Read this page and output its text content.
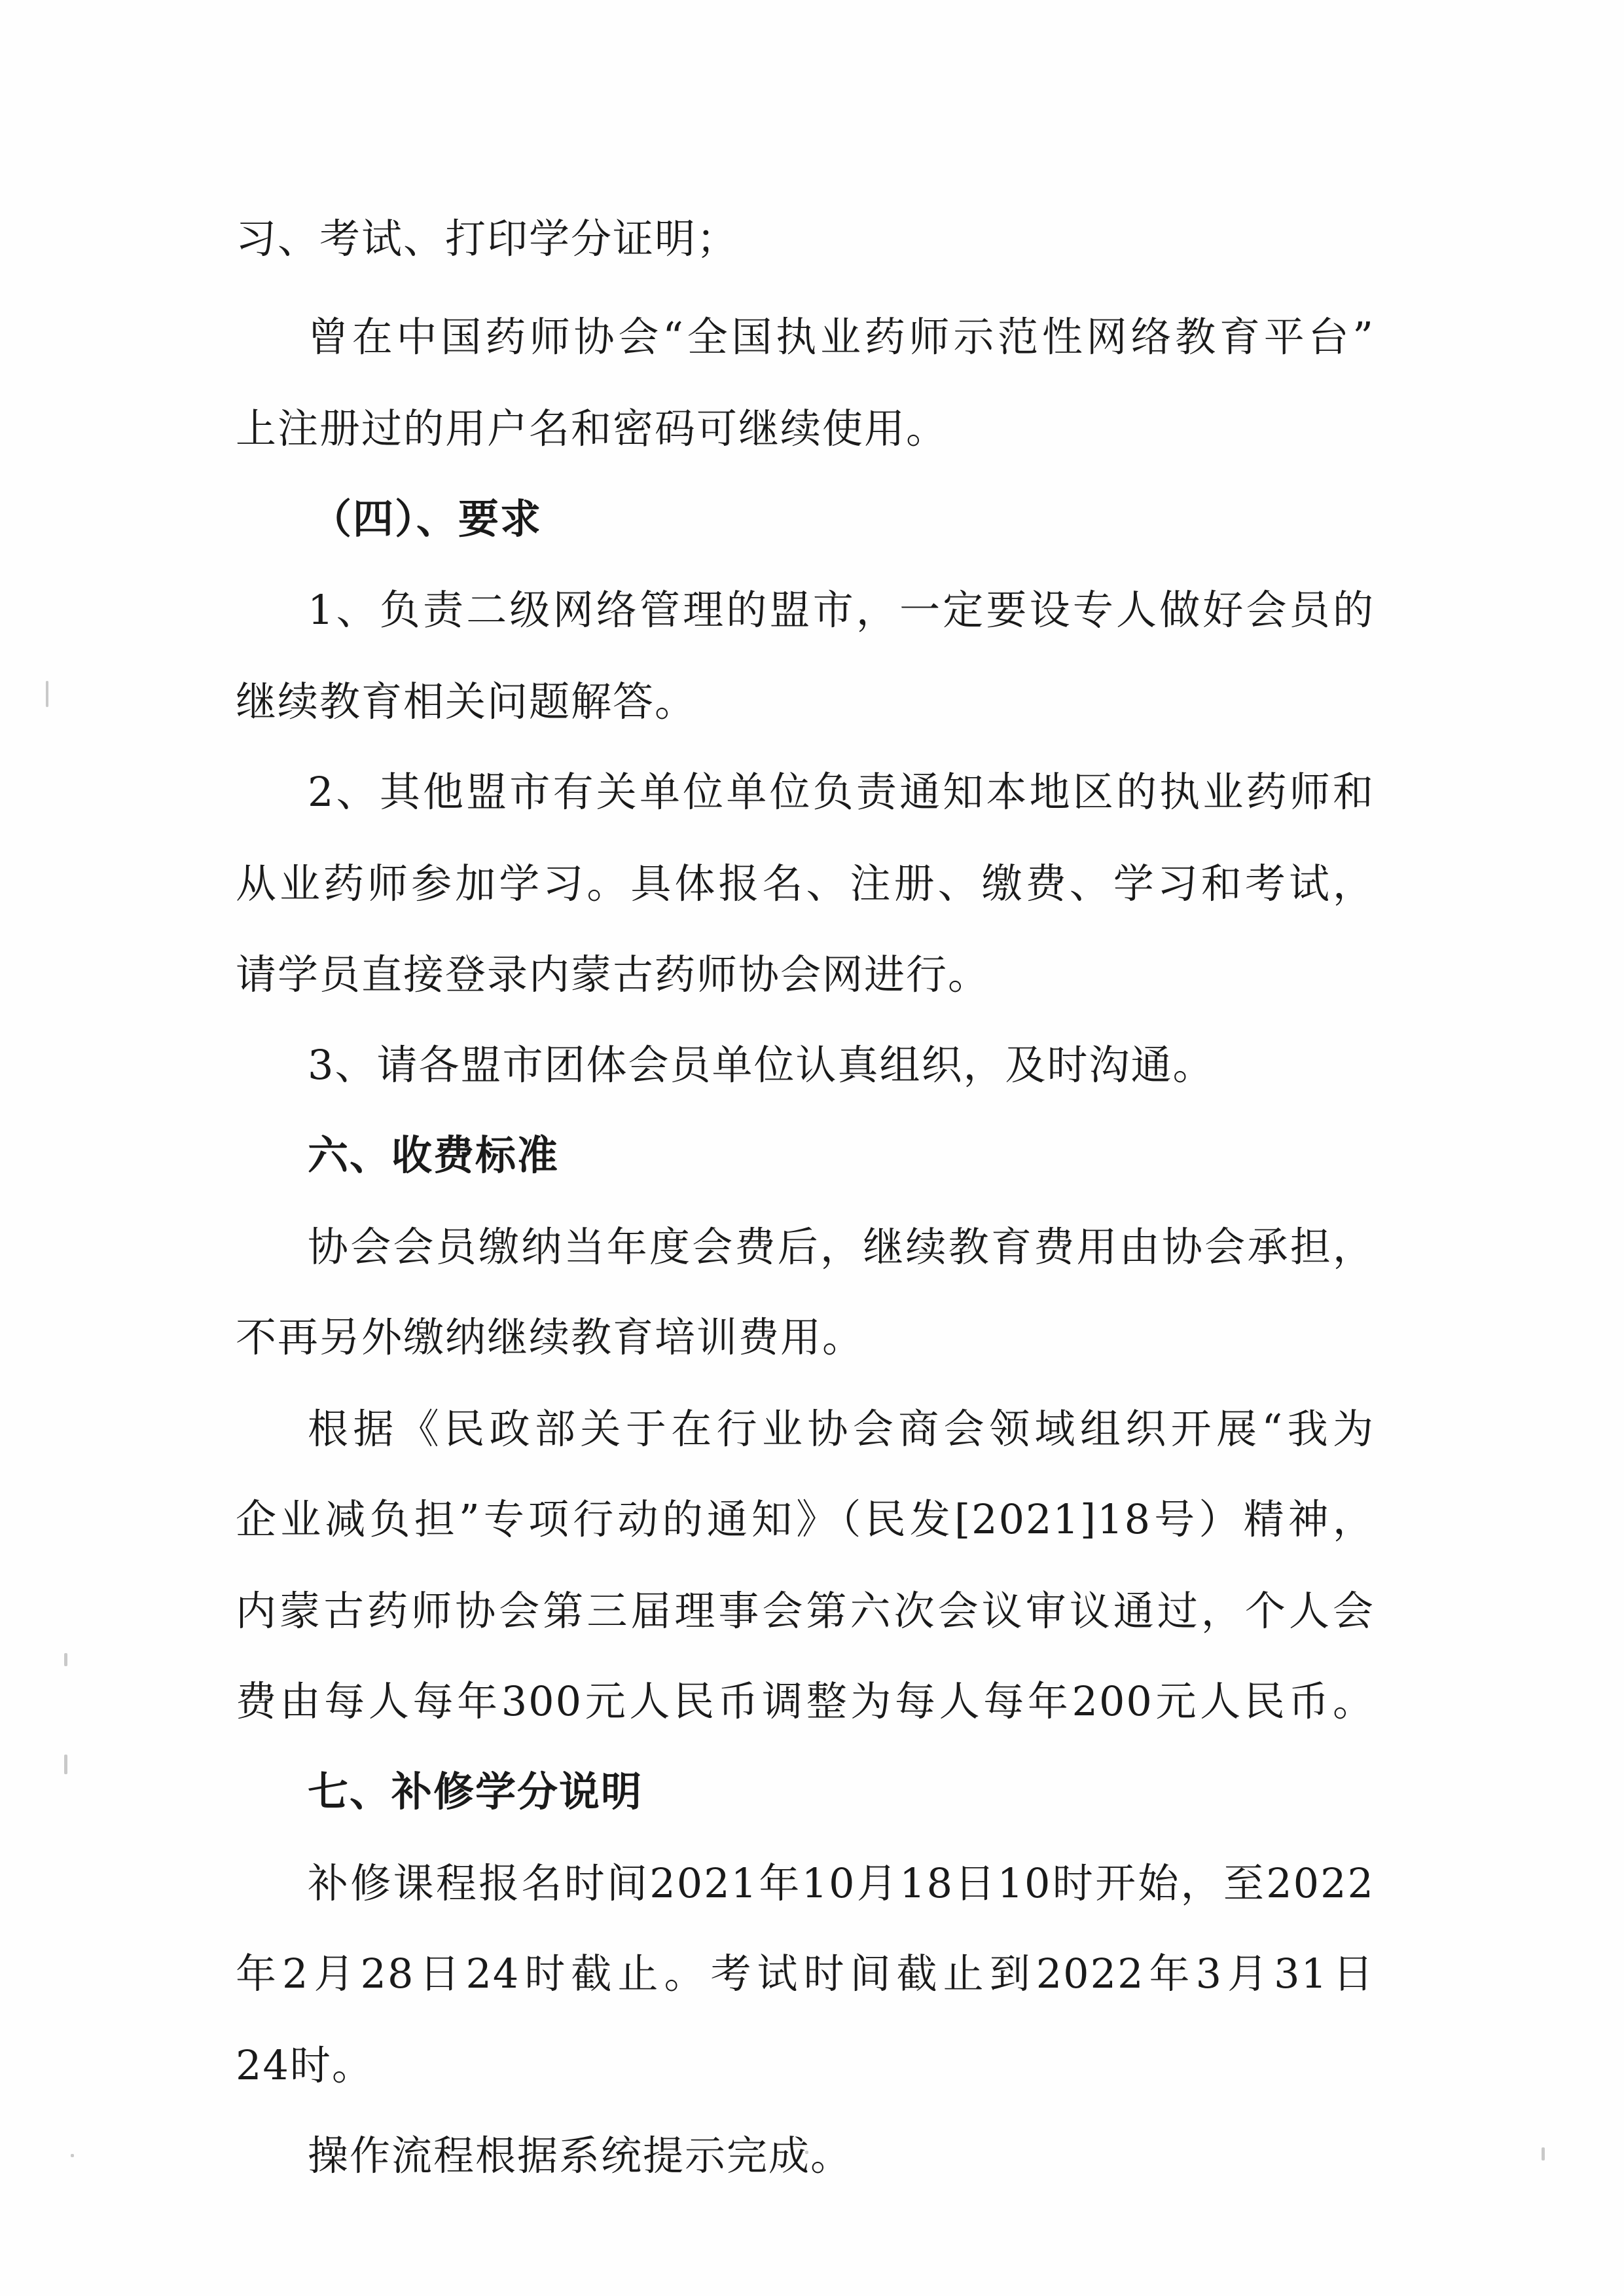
习、考试、打印学分证明；

曾在中国药师协会“全国执业药师示范性网络教育平台”

上注册过的用户名和密码可继续使用。

（四）、要求

1、负责二级网络管理的盟市，一定要设专人做好会员的

继续教育相关问题解答。

2、其他盟市有关单位单位负责通知本地区的执业药师和

从业药师参加学习。具体报名、注册、缴费、学习和考试，

请学员直接登录内蒙古药师协会网进行。

3、请各盟市团体会员单位认真组织，及时沟通。

六、收费标准

协会会员缴纳当年度会费后，继续教育费用由协会承担，

不再另外缴纳继续教育培训费用。

根据《民政部关于在行业协会商会领域组织开展“我为

企业减负担”专项行动的通知》（民发[2021]18号）精神，

内蒙古药师协会第三届理事会第六次会议审议通过，个人会

费由每人每年300元人民币调整为每人每年200元人民币。

七、补修学分说明

补修课程报名时间2021年10月18日10时开始，至2022

年2月28日24时截止。考试时间截止到2022年3月31日

24时。

操作流程根据系统提示完成。
